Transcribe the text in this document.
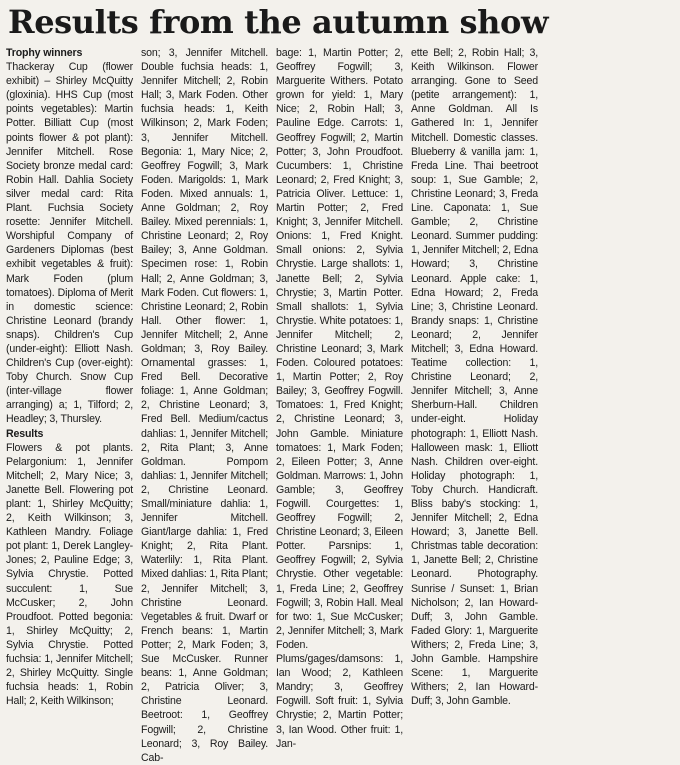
Results from the autumn show

Trophy winners

Thackeray Cup (flower exhibit) – Shirley McQuitty (gloxinia). HHS Cup (most points vegetables): Martin Potter. Billiatt Cup (most points flower & pot plant): Jennifer Mitchell. Rose Society bronze medal card: Robin Hall. Dahlia Society silver medal card: Rita Plant. Fuchsia Society rosette: Jennifer Mitchell. Worshipful Company of Gardeners Diplomas (best exhibit vegetables & fruit): Mark Foden (plum tomatoes). Diploma of Merit in domestic science: Christine Leonard (brandy snaps). Children's Cup (under-eight): Elliott Nash. Children's Cup (over-eight): Toby Church. Snow Cup (inter-village flower arranging) a; 1, Tilford; 2, Headley; 3, Thursley.

Results

Flowers & pot plants. Pelargonium: 1, Jennifer Mitchell; 2, Mary Nice; 3, Janette Bell. Flowering pot plant: 1, Shirley McQuitty; 2, Keith Wilkinson; 3, Kathleen Mandry. Foliage pot plant: 1, Derek Langley-Jones; 2, Pauline Edge; 3, Sylvia Chrystie. Potted succulent: 1, Sue McCusker; 2, John Proudfoot. Potted begonia: 1, Shirley McQuitty; 2, Sylvia Chrystie. Potted fuchsia: 1, Jennifer Mitchell; 2, Shirley McQuitty. Single fuchsia heads: 1, Robin Hall; 2, Keith Wilkinson;

son; 3, Jennifer Mitchell. Double fuchsia heads: 1, Jennifer Mitchell; 2, Robin Hall; 3, Mark Foden. Other fuchsia heads: 1, Keith Wilkinson; 2, Mark Foden; 3, Jennifer Mitchell. Begonia: 1, Mary Nice; 2, Geoffrey Fogwill; 3, Mark Foden. Marigolds: 1, Mark Foden. Mixed annuals: 1, Anne Goldman; 2, Roy Bailey. Mixed perennials: 1, Christine Leonard; 2, Roy Bailey; 3, Anne Goldman. Specimen rose: 1, Robin Hall; 2, Anne Goldman; 3, Mark Foden. Cut flowers: 1, Christine Leonard; 2, Robin Hall. Other flower: 1, Jennifer Mitchell; 2, Anne Goldman; 3, Roy Bailey. Ornamental grasses: 1, Fred Bell. Decorative foliage: 1, Anne Goldman; 2, Christine Leonard; 3, Fred Bell. Medium/cactus dahlias: 1, Jennifer Mitchell; 2, Rita Plant; 3, Anne Goldman. Pompom dahlias: 1, Jennifer Mitchell; 2, Christine Leonard. Small/miniature dahlia: 1, Jennifer Mitchell. Giant/large dahlia: 1, Fred Knight; 2, Rita Plant. Waterlily: 1, Rita Plant. Mixed dahlias: 1, Rita Plant; 2, Jennifer Mitchell; 3, Christine Leonard. Vegetables & fruit. Dwarf or French beans: 1, Martin Potter; 2, Mark Foden; 3, Sue McCusker. Runner beans: 1, Anne Goldman; 2, Patricia Oliver; 3, Christine Leonard. Beetroot: 1, Geoffrey Fogwill; 2, Christine Leonard; 3, Roy Bailey. Cab-

bage: 1, Martin Potter; 2, Geoffrey Fogwill; 3, Marguerite Withers. Potato grown for yield: 1, Mary Nice; 2, Robin Hall; 3, Pauline Edge. Carrots: 1, Geoffrey Fogwill; 2, Martin Potter; 3, John Proudfoot. Cucumbers: 1, Christine Leonard; 2, Fred Knight; 3, Patricia Oliver. Lettuce: 1, Martin Potter; 2, Fred Knight; 3, Jennifer Mitchell. Onions: 1, Fred Knight. Small onions: 2, Sylvia Chrystie. Large shallots: 1, Janette Bell; 2, Sylvia Chrystie; 3, Martin Potter. Small shallots: 1, Sylvia Chrystie. White potatoes: 1, Jennifer Mitchell; 2, Christine Leonard; 3, Mark Foden. Coloured potatoes: 1, Martin Potter; 2, Roy Bailey; 3, Geoffrey Fogwill. Tomatoes: 1, Fred Knight; 2, Christine Leonard; 3, John Gamble. Miniature tomatoes: 1, Mark Foden; 2, Eileen Potter; 3, Anne Goldman. Marrows: 1, John Gamble; 3, Geoffrey Fogwill. Courgettes: 1, Geoffrey Fogwill; 2, Christine Leonard; 3, Eileen Potter. Parsnips: 1, Geoffrey Fogwill; 2, Sylvia Chrystie. Other vegetable: 1, Freda Line; 2, Geoffrey Fogwill; 3, Robin Hall. Meal for two: 1, Sue McCusker; 2, Jennifer Mitchell; 3, Mark Foden. Plums/gages/damsons: 1, Ian Wood; 2, Kathleen Mandry; 3, Geoffrey Fogwill. Soft fruit: 1, Sylvia Chrystie; 2, Martin Potter; 3, Ian Wood. Other fruit: 1, Jan-

ette Bell; 2, Robin Hall; 3, Keith Wilkinson. Flower arranging. Gone to Seed (petite arrangement): 1, Anne Goldman. All Is Gathered In: 1, Jennifer Mitchell. Domestic classes. Blueberry & vanilla jam: 1, Freda Line. Thai beetroot soup: 1, Sue Gamble; 2, Christine Leonard; 3, Freda Line. Caponata: 1, Sue Gamble; 2, Christine Leonard. Summer pudding: 1, Jennifer Mitchell; 2, Edna Howard; 3, Christine Leonard. Apple cake: 1, Edna Howard; 2, Freda Line; 3, Christine Leonard. Brandy snaps: 1, Christine Leonard; 2, Jennifer Mitchell; 3, Edna Howard. Teatime collection: 1, Christine Leonard; 2, Jennifer Mitchell; 3, Anne Sherburn-Hall. Children under-eight. Holiday photograph: 1, Elliott Nash. Halloween mask: 1, Elliott Nash. Children over-eight. Holiday photograph: 1, Toby Church. Handicraft. Bliss baby's stocking: 1, Jennifer Mitchell; 2, Edna Howard; 3, Janette Bell. Christmas table decoration: 1, Janette Bell; 2, Christine Leonard. Photography. Sunrise / Sunset: 1, Brian Nicholson; 2, Ian Howard-Duff; 3, John Gamble. Faded Glory: 1, Marguerite Withers; 2, Freda Line; 3, John Gamble. Hampshire Scene: 1, Marguerite Withers; 2, Ian Howard-Duff; 3, John Gamble.
